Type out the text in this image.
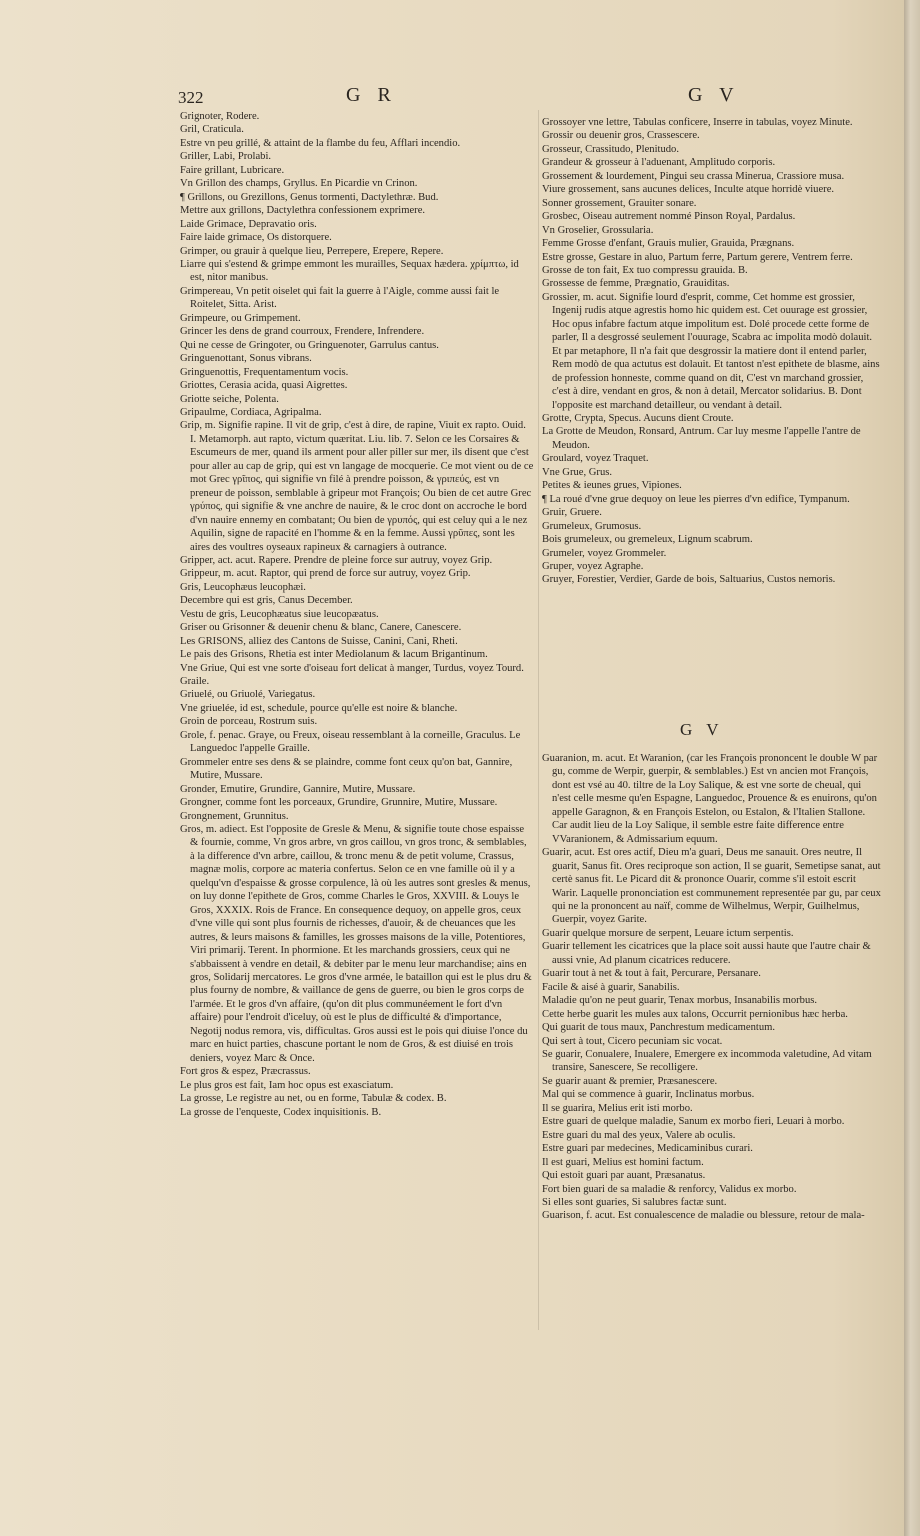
322	G R	G V

Grignoter, Rodere.

Gril, Craticula.

Estre vn peu grillé, & attaint de la flambe du feu, Afflari incendio.

Griller, Labi, Prolabi.

Faire grillant, Lubricare.

Vn Grillon des champs, Gryllus. En Picardie vn Crinon.

¶ Grillons, ou Grezillons, Genus tormenti, Dactylethræ. Bud.

Mettre aux grillons, Dactylethra confessionem exprimere.

Laide Grimace, Depravatio oris.

Faire laide grimace, Os distorquere.

Grimper, ou grauir à quelque lieu, Perrepere, Erepere, Repere.

Liarre qui s'estend & grimpe emmont les murailles, Sequax hædera. χρίμπτω, id est, nitor manibus.

Grimpereau, Vn petit oiselet qui fait la guerre à l'Aigle, comme aussi fait le Roitelet, Sitta. Arist.

Grimpeure, ou Grimpement.

Grincer les dens de grand courroux, Frendere, Infrendere.

Qui ne cesse de Gringoter, ou Gringuenoter, Garrulus cantus.

Gringuenottant, Sonus vibrans.

Gringuenottis, Frequentamentum vocis.

Griottes, Cerasia acida, quasi Aigrettes.

Griotte seiche, Polenta.

Gripaulme, Cordiaca, Agripalma.

Grip, m. Signifie rapine. Il vit de grip, c'est à dire, de rapine, Viuit ex rapto. Ouid. I. Metamorph. aut rapto, victum quæritat. Liu. lib. 7. Selon ce les Corsaires & Escumeurs de mer, quand ils arment pour aller piller sur mer, ils disent que c'est pour aller au cap de grip, qui est vn langage de mocquerie. Ce mot vient ou de ce mot Grec γρῖπος, qui signifie vn filé à prendre poisson, & γριπεύς, est vn preneur de poisson, semblable à gripeur mot François; Ou bien de cet autre Grec γρύπος, qui signifie & vne anchre de nauire, & le croc dont on accroche le bord d'vn nauire ennemy en combatant; Ou bien de γρυπός, qui est celuy qui a le nez Aquilin, signe de rapacité en l'homme & en la femme. Aussi γρῦπες, sont les aires des voultres oyseaux rapineux & carnagiers à outrance.

Gripper, act. acut. Rapere. Prendre de pleine force sur autruy, voyez Grip.

Grippeur, m. acut. Raptor, qui prend de force sur autruy, voyez Grip.

Gris, Leucophæus leucophæi.

Decembre qui est gris, Canus December.

Vestu de gris, Leucophæatus siue leucopæatus.

Griser ou Grisonner & deuenir chenu & blanc, Canere, Canescere.

Les GRISONS, alliez des Cantons de Suisse, Canini, Cani, Rheti.

Le pais des Grisons, Rhetia est inter Mediolanum & lacum Brigantinum.

Vne Griue, Qui est vne sorte d'oiseau fort delicat à manger, Turdus, voyez Tourd.

Graile.

Griuelé, ou Griuolé, Variegatus.

Vne griuelée, id est, schedule, pource qu'elle est noire & blanche.

Groin de porceau, Rostrum suis.

Grole, f. penac. Graye, ou Freux, oiseau ressemblant à la corneille, Graculus. Le Languedoc l'appelle Graille.

Grommeler entre ses dens & se plaindre, comme font ceux qu'on bat, Gannire, Mutire, Mussare.

Gronder, Emutire, Grundire, Gannire, Mutire, Mussare.

Grongner, comme font les porceaux, Grundire, Grunnire, Mutire, Mussare.

Grongnement, Grunnitus.

Gros, m. adiect. Est l'opposite de Gresle & Menu, & signifie toute chose espaisse & fournie, comme, Vn gros arbre, vn gros caillou, vn gros tronc, & semblables, à la difference d'vn arbre, caillou, & tronc menu & de petit volume, Crassus, magnæ molis, corpore ac materia confertus. Selon ce en vne famille où il y a quelqu'vn d'espaisse & grosse corpulence, là où les autres sont gresles & menus, on luy donne l'epithete de Gros, comme Charles le Gros, XXVIII. & Louys le Gros, XXXIX. Rois de France. En consequence dequoy, on appelle gros, ceux d'vne ville qui sont plus fournis de richesses, d'auoir, & de cheuances que les autres, & leurs maisons & familles, les grosses maisons de la ville, Potentiores, Viri primarij. Terent. In phormione. Et les marchands grossiers, ceux qui ne s'abbaissent à vendre en detail, & debiter par le menu leur marchandise; ains en gros, Solidarij mercatores. Le gros d'vne armée, le bataillon qui est le plus dru & plus fourny de nombre, & vaillance de gens de guerre, ou bien le gros corps de l'armée. Et le gros d'vn affaire, (qu'on dit plus communéement le fort d'vn affaire) pour l'endroit d'iceluy, où est le plus de difficulté & d'importance, Negotij nodus remora, vis, difficultas. Gros aussi est le pois qui diuise l'once du marc en huict parties, chascune portant le nom de Gros, & est diuisé en trois deniers, voyez Marc & Once.

Fort gros & espez, Præcrassus.

Le plus gros est fait, Iam hoc opus est exasciatum.

La grosse, Le registre au net, ou en forme, Tabulæ & codex. B.

La grosse de l'enqueste, Codex inquisitionis. B.

Grossoyer vne lettre, Tabulas conficere, Inserre in tabulas, voyez Minute.

Grossir ou deuenir gros, Crassescere.

Grosseur, Crassitudo, Plenitudo.

Grandeur & grosseur à l'aduenant, Amplitudo corporis.

Grossement & lourdement, Pingui seu crassa Minerua, Crassiore musa.

Viure grossement, sans aucunes delices, Inculte atque horridè viuere.

Sonner grossement, Grauiter sonare.

Grosbec, Oiseau autrement nommé Pinson Royal, Pardalus.

Vn Groselier, Grossularia.

Femme Grosse d'enfant, Grauis mulier, Grauida, Prægnans.

Estre grosse, Gestare in aluo, Partum ferre, Partum gerere, Ventrem ferre.

Grosse de ton fait, Ex tuo compressu grauida. B.

Grossesse de femme, Prægnatio, Grauiditas.

Grossier, m. acut. Signifie lourd d'esprit, comme, Cet homme est grossier, Ingenij rudis atque agrestis homo hic quidem est. Cet ouurage est grossier, Hoc opus infabre factum atque impolitum est. Dolé procede cette forme de parler, Il a desgrossé seulement l'ouurage, Scabra ac impolita modò dolauit. Et par metaphore, Il n'a fait que desgrossir la matiere dont il entend parler, Rem modò de qua actutus est dolauit. Et tantost n'est epithete de blasme, ains de profession honneste, comme quand on dit, C'est vn marchand grossier, c'est à dire, vendant en gros, & non à detail, Mercator solidarius. B. Dont l'opposite est marchand detailleur, ou vendant à detail.

Grotte, Crypta, Specus. Aucuns dient Croute.

La Grotte de Meudon, Ronsard, Antrum. Car luy mesme l'appelle l'antre de Meudon.

Groulard, voyez Traquet.

Vne Grue, Grus.

Petites & ieunes grues, Vipiones.

¶ La roué d'vne grue dequoy on leue les pierres d'vn edifice, Tympanum.

Gruir, Gruere.

Grumeleux, Grumosus.

Bois grumeleux, ou gremeleux, Lignum scabrum.

Grumeler, voyez Grommeler.

Gruper, voyez Agraphe.

Gruyer, Forestier, Verdier, Garde de bois, Saltuarius, Custos nemoris.

G V

Guaranion, m. acut. Et Waranion, (car les François prononcent le double W par gu, comme de Werpir, guerpir, & semblables.) Est vn ancien mot François, dont est vsé au 40. tiltre de la Loy Salique, & est vne sorte de cheual, qui n'est celle mesme qu'en Espagne, Languedoc, Prouence & es enuirons, qu'on appelle Garagnon, & en François Estelon, ou Estalon, & l'Italien Stallone. Car audit lieu de la Loy Salique, il semble estre faite difference entre VVaranionem, & Admissarium equum.

Guarir, acut. Est ores actif, Dieu m'a guari, Deus me sanauit. Ores neutre, Il guarit, Sanus fit. Ores reciproque son action, Il se guarit, Semetipse sanat, aut certè sanus fit. Le Picard dit & prononce Ouarir, comme s'il estoit escrit Warir. Laquelle prononciation est communement representée par gu, par ceux qui ne la prononcent au naïf, comme de Wilhelmus, Werpir, Guilhelmus, Guerpir, voyez Garite.

Guarir quelque morsure de serpent, Leuare ictum serpentis.

Guarir tellement les cicatrices que la place soit aussi haute que l'autre chair & aussi vnie, Ad planum cicatrices reducere.

Guarir tout à net & tout à fait, Percurare, Persanare.

Facile & aisé à guarir, Sanabilis.

Maladie qu'on ne peut guarir, Tenax morbus, Insanabilis morbus.

Cette herbe guarit les mules aux talons, Occurrit pernionibus hæc herba.

Qui guarit de tous maux, Panchrestum medicamentum.

Qui sert à tout, Cicero pecuniam sic vocat.

Se guarir, Conualere, Inualere, Emergere ex incommoda valetudine, Ad vitam transire, Sanescere, Se recolligere.

Se guarir auant & premier, Præsanescere.

Mal qui se commence à guarir, Inclinatus morbus.

Il se guarira, Melius erit isti morbo.

Estre guari de quelque maladie, Sanum ex morbo fieri, Leuari à morbo.

Estre guari du mal des yeux, Valere ab oculis.

Estre guari par medecines, Medicaminibus curari.

Il est guari, Melius est homini factum.

Qui estoit guari par auant, Præsanatus.

Fort bien guari de sa maladie & renforcy, Validus ex morbo.

Si elles sont guaries, Si salubres factæ sunt.

Guarison, f. acut. Est conualescence de maladie ou blessure, retour de mala-
